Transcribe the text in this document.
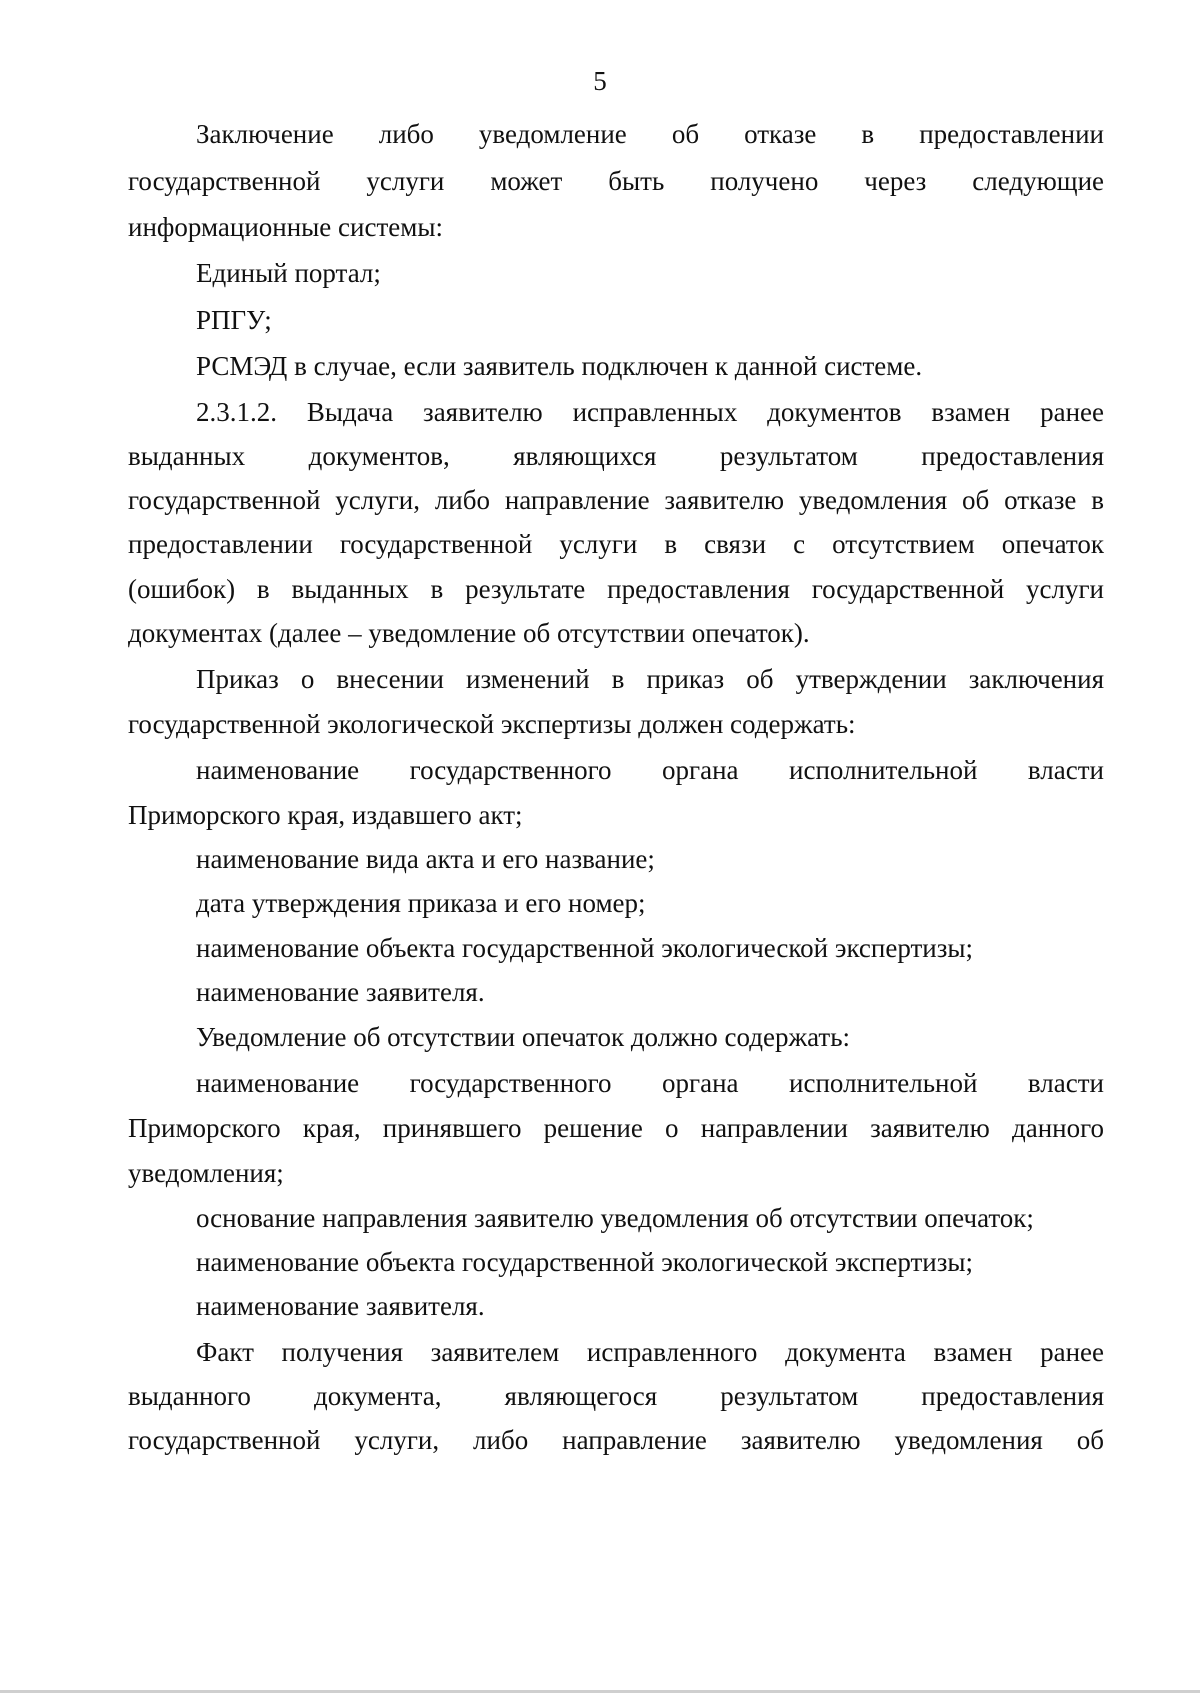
5
Заключение либо уведомление об отказе в предоставлении
государственной услуги может быть получено через следующие
информационные системы:
Единый портал;
РПГУ;
РСМЭД в случае, если заявитель подключен к данной системе.
2.3.1.2. Выдача заявителю исправленных документов взамен ранее
выданных документов, являющихся результатом предоставления
государственной услуги, либо направление заявителю уведомления об отказе в
предоставлении государственной услуги в связи с отсутствием опечаток
(ошибок) в выданных в результате предоставления государственной услуги
документах (далее – уведомление об отсутствии опечаток).
Приказ о внесении изменений в приказ об утверждении заключения
государственной экологической экспертизы должен содержать:
наименование государственного органа исполнительной власти
Приморского края, издавшего акт;
наименование вида акта и его название;
дата утверждения приказа и его номер;
наименование объекта государственной экологической экспертизы;
наименование заявителя.
Уведомление об отсутствии опечаток должно содержать:
наименование государственного органа исполнительной власти
Приморского края, принявшего решение о направлении заявителю данного
уведомления;
основание направления заявителю уведомления об отсутствии опечаток;
наименование объекта государственной экологической экспертизы;
наименование заявителя.
Факт получения заявителем исправленного документа взамен ранее
выданного документа, являющегося результатом предоставления
государственной услуги, либо направление заявителю уведомления об
